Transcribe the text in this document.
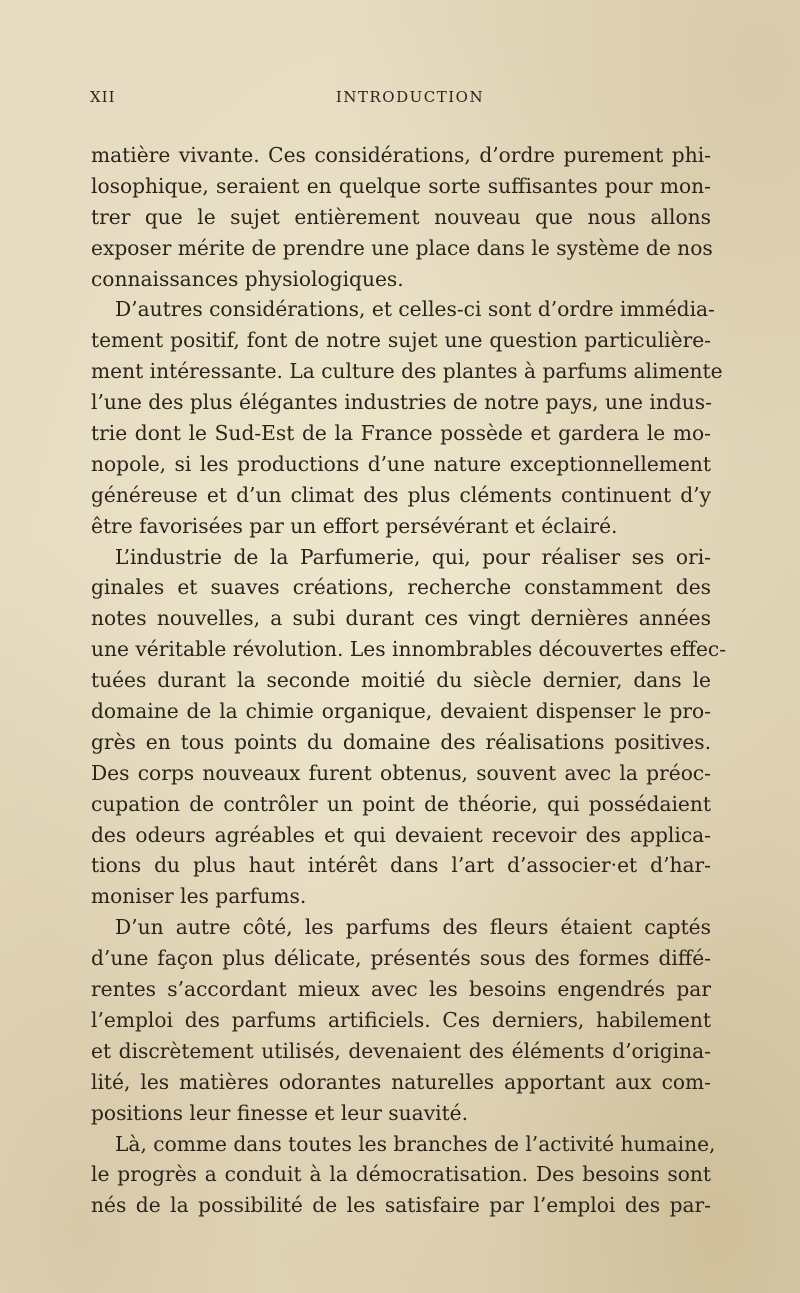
XII	INTRODUCTION
matière vivante. Ces considérations, d’ordre purement phi-
losophique, seraient en quelque sorte suffisantes pour mon-
trer que le sujet entièrement nouveau que nous allons
exposer mérite de prendre une place dans le système de nos
connaissances physiologiques.
D’autres considérations, et celles-ci sont d’ordre immédia-
tement positif, font de notre sujet une question particulière-
ment intéressante. La culture des plantes à parfums alimente
l’une des plus élégantes industries de notre pays, une indus-
trie dont le Sud-Est de la France possède et gardera le mo-
nopole, si les productions d’une nature exceptionnellement
généreuse et d’un climat des plus cléments continuent d’y
être favorisées par un effort persévérant et éclairé.
L’industrie de la Parfumerie, qui, pour réaliser ses ori-
ginales et suaves créations, recherche constamment des
notes nouvelles, a subi durant ces vingt dernières années
une véritable révolution. Les innombrables découvertes effec-
tuées durant la seconde moitié du siècle dernier, dans le
domaine de la chimie organique, devaient dispenser le pro-
grès en tous points du domaine des réalisations positives.
Des corps nouveaux furent obtenus, souvent avec la préoc-
cupation de contrôler un point de théorie, qui possédaient
des odeurs agréables et qui devaient recevoir des applica-
tions du plus haut intérêt dans l’art d’associer·et d’har-
moniser les parfums.
D’un autre côté, les parfums des fleurs étaient captés
d’une façon plus délicate, présentés sous des formes diffé-
rentes s’accordant mieux avec les besoins engendrés par
l’emploi des parfums artificiels. Ces derniers, habilement
et discrètement utilisés, devenaient des éléments d’origina-
lité, les matières odorantes naturelles apportant aux com-
positions leur finesse et leur suavité.
Là, comme dans toutes les branches de l’activité humaine,
le progrès a conduit à la démocratisation. Des besoins sont
nés de la possibilité de les satisfaire par l’emploi des par-
